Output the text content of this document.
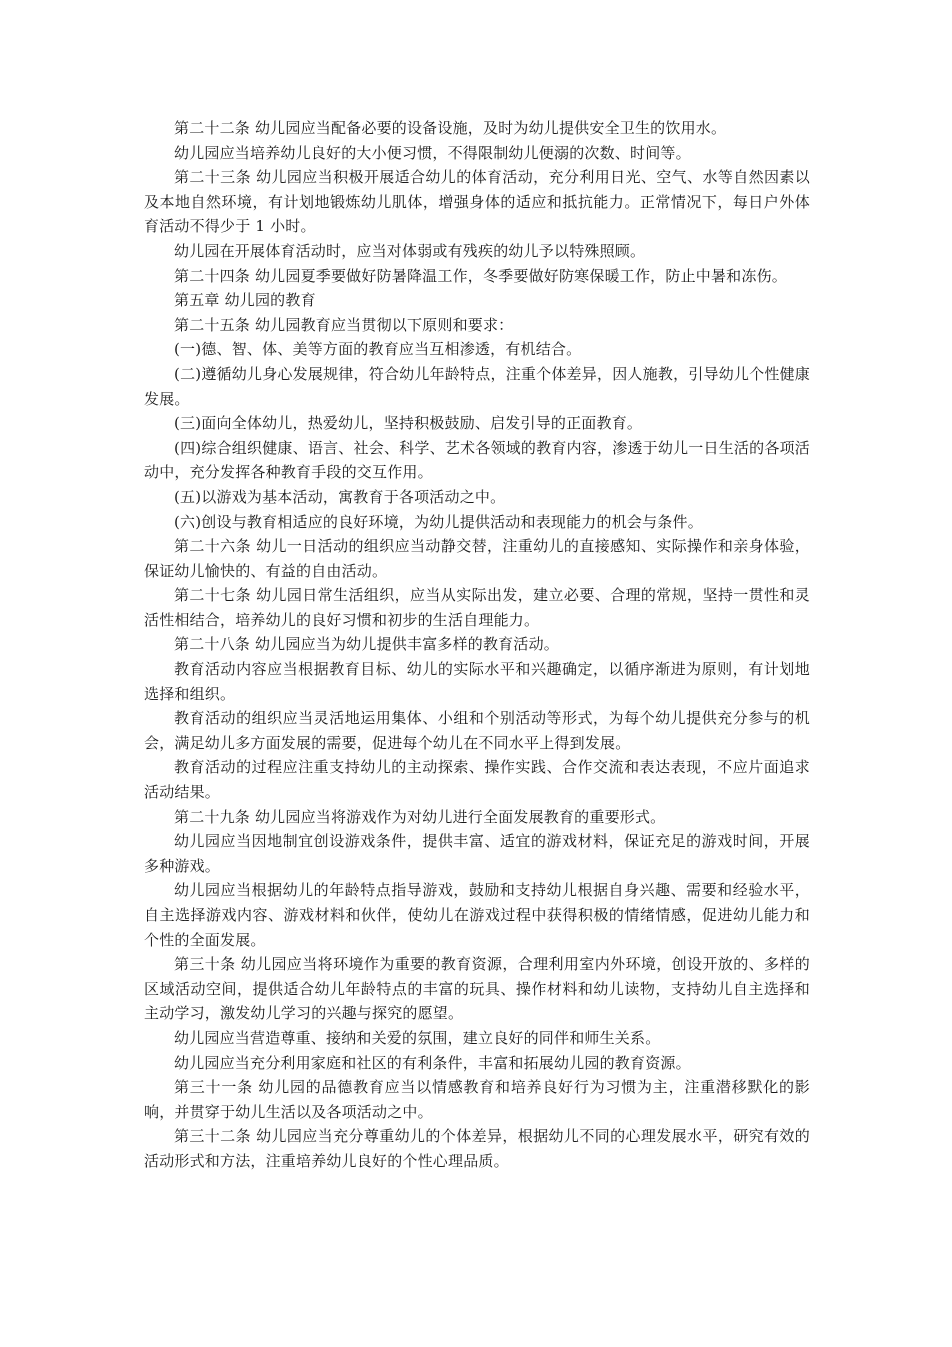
第二十二条 幼儿园应当配备必要的设备设施，及时为幼儿提供安全卫生的饮用水。

幼儿园应当培养幼儿良好的大小便习惯，不得限制幼儿便溺的次数、时间等。

第二十三条 幼儿园应当积极开展适合幼儿的体育活动，充分利用日光、空气、水等自然因素以及本地自然环境，有计划地锻炼幼儿肌体，增强身体的适应和抵抗能力。正常情况下，每日户外体育活动不得少于 1 小时。

幼儿园在开展体育活动时，应当对体弱或有残疾的幼儿予以特殊照顾。

第二十四条 幼儿园夏季要做好防暑降温工作，冬季要做好防寒保暖工作，防止中暑和冻伤。

第五章 幼儿园的教育

第二十五条 幼儿园教育应当贯彻以下原则和要求：

(一)德、智、体、美等方面的教育应当互相渗透，有机结合。

(二)遵循幼儿身心发展规律，符合幼儿年龄特点，注重个体差异，因人施教，引导幼儿个性健康发展。

(三)面向全体幼儿，热爱幼儿，坚持积极鼓励、启发引导的正面教育。

(四)综合组织健康、语言、社会、科学、艺术各领域的教育内容，渗透于幼儿一日生活的各项活动中，充分发挥各种教育手段的交互作用。

(五)以游戏为基本活动，寓教育于各项活动之中。

(六)创设与教育相适应的良好环境，为幼儿提供活动和表现能力的机会与条件。

第二十六条 幼儿一日活动的组织应当动静交替，注重幼儿的直接感知、实际操作和亲身体验，保证幼儿愉快的、有益的自由活动。

第二十七条 幼儿园日常生活组织，应当从实际出发，建立必要、合理的常规，坚持一贯性和灵活性相结合，培养幼儿的良好习惯和初步的生活自理能力。

第二十八条 幼儿园应当为幼儿提供丰富多样的教育活动。

教育活动内容应当根据教育目标、幼儿的实际水平和兴趣确定，以循序渐进为原则，有计划地选择和组织。

教育活动的组织应当灵活地运用集体、小组和个别活动等形式，为每个幼儿提供充分参与的机会，满足幼儿多方面发展的需要，促进每个幼儿在不同水平上得到发展。

教育活动的过程应注重支持幼儿的主动探索、操作实践、合作交流和表达表现，不应片面追求活动结果。

第二十九条 幼儿园应当将游戏作为对幼儿进行全面发展教育的重要形式。

幼儿园应当因地制宜创设游戏条件，提供丰富、适宜的游戏材料，保证充足的游戏时间，开展多种游戏。

幼儿园应当根据幼儿的年龄特点指导游戏，鼓励和支持幼儿根据自身兴趣、需要和经验水平，自主选择游戏内容、游戏材料和伙伴，使幼儿在游戏过程中获得积极的情绪情感，促进幼儿能力和个性的全面发展。

第三十条 幼儿园应当将环境作为重要的教育资源，合理利用室内外环境，创设开放的、多样的区域活动空间，提供适合幼儿年龄特点的丰富的玩具、操作材料和幼儿读物，支持幼儿自主选择和主动学习，激发幼儿学习的兴趣与探究的愿望。

幼儿园应当营造尊重、接纳和关爱的氛围，建立良好的同伴和师生关系。

幼儿园应当充分利用家庭和社区的有利条件，丰富和拓展幼儿园的教育资源。

第三十一条 幼儿园的品德教育应当以情感教育和培养良好行为习惯为主，注重潜移默化的影响，并贯穿于幼儿生活以及各项活动之中。

第三十二条 幼儿园应当充分尊重幼儿的个体差异，根据幼儿不同的心理发展水平，研究有效的活动形式和方法，注重培养幼儿良好的个性心理品质。
